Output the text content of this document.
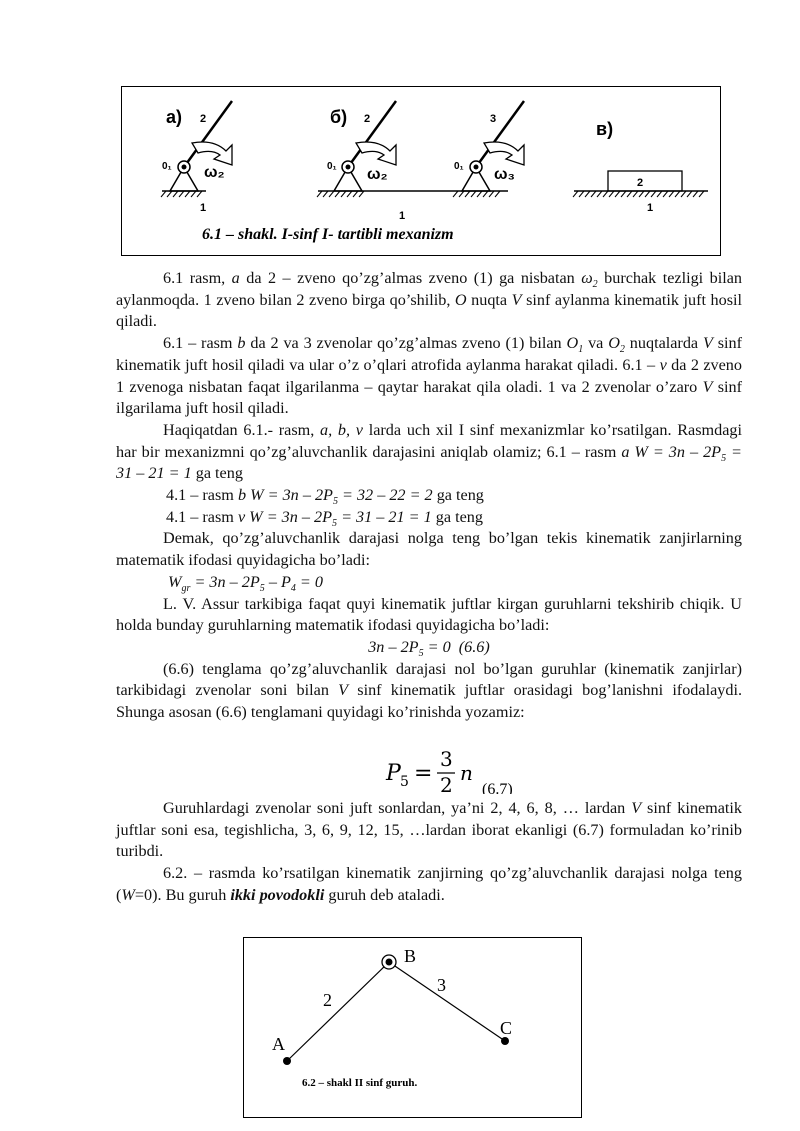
а) 2
0₁ ω₂
1
б) 2	3
0₁	0₁
ω₂	ω₃
1
в)
2
1
6.1 – shakl. I-sinf I- tartibli mexanizm

6.1 rasm, a da 2 – zveno qo’zg’almas zveno (1) ga nisbatan $\omega_2$ burchak tezligi bilan aylanmoqda. 1 zveno bilan 2 zveno birga qo’shilib, O nuqta V sinf aylanma kinematik juft hosil qiladi.

6.1 – rasm b da 2 va 3 zvenolar qo’zg’almas zveno (1) bilan $O_1$ va $O_2$ nuqtalarda V sinf kinematik juft hosil qiladi va ular o’z o’qlari atrofida aylanma harakat qiladi. 6.1 – v da 2 zveno 1 zvenoga nisbatan faqat ilgarilanma – qaytar harakat qila oladi. 1 va 2 zvenolar o’zaro V sinf ilgarilama juft hosil qiladi.

Haqiqatdan 6.1.- rasm, a, b, v larda uch xil I sinf mexanizmlar ko’rsatilgan. Rasmdagi har bir mexanizmni qo’zg’aluvchanlik darajasini aniqlab olamiz; 6.1 – rasm a $W = 3n - 2P_5 = 31 - 21 = 1$ ga teng

4.1 – rasm b $W = 3n - 2P_5 = 32 - 22 = 2$ ga teng

4.1 – rasm v $W = 3n - 2P_5 = 31 - 21 = 1$ ga teng

Demak, qo’zg’aluvchanlik darajasi nolga teng bo’lgan tekis kinematik zanjirlarning matematik ifodasi quyidagicha bo’ladi:

$W_{gr} = 3n - 2P_5 - P_4 = 0$

L. V. Assur tarkibiga faqat quyi kinematik juftlar kirgan guruhlarni tekshirib chiqik. U holda bunday guruhlarning matematik ifodasi quyidagicha bo’ladi:

$3n - 2P_5 = 0$  (6.6)

(6.6) tenglama qo’zg’aluvchanlik darajasi nol bo’lgan guruhlar (kinematik zanjirlar) tarkibidagi zvenolar soni bilan V sinf kinematik juftlar orasidagi bog’lanishni ifodalaydi. Shunga asosan (6.6) tenglamani quyidagi ko’rinishda yozamiz:

P 5 =
3
2 n
(6.7)

Guruhlardagi zvenolar soni juft sonlardan, ya’ni 2, 4, 6, 8, … lardan V sinf kinematik juftlar soni esa, tegishlicha, 3, 6, 9, 12, 15, …lardan iborat ekanligi (6.7) formuladan ko’rinib turibdi.

6.2. – rasmda ko’rsatilgan kinematik zanjirning qo’zg’aluvchanlik darajasi nolga teng (W=0). Bu guruh ikki povodokli guruh deb ataladi.

B
A
C
2
3
6.2 – shakl II sinf guruh.
